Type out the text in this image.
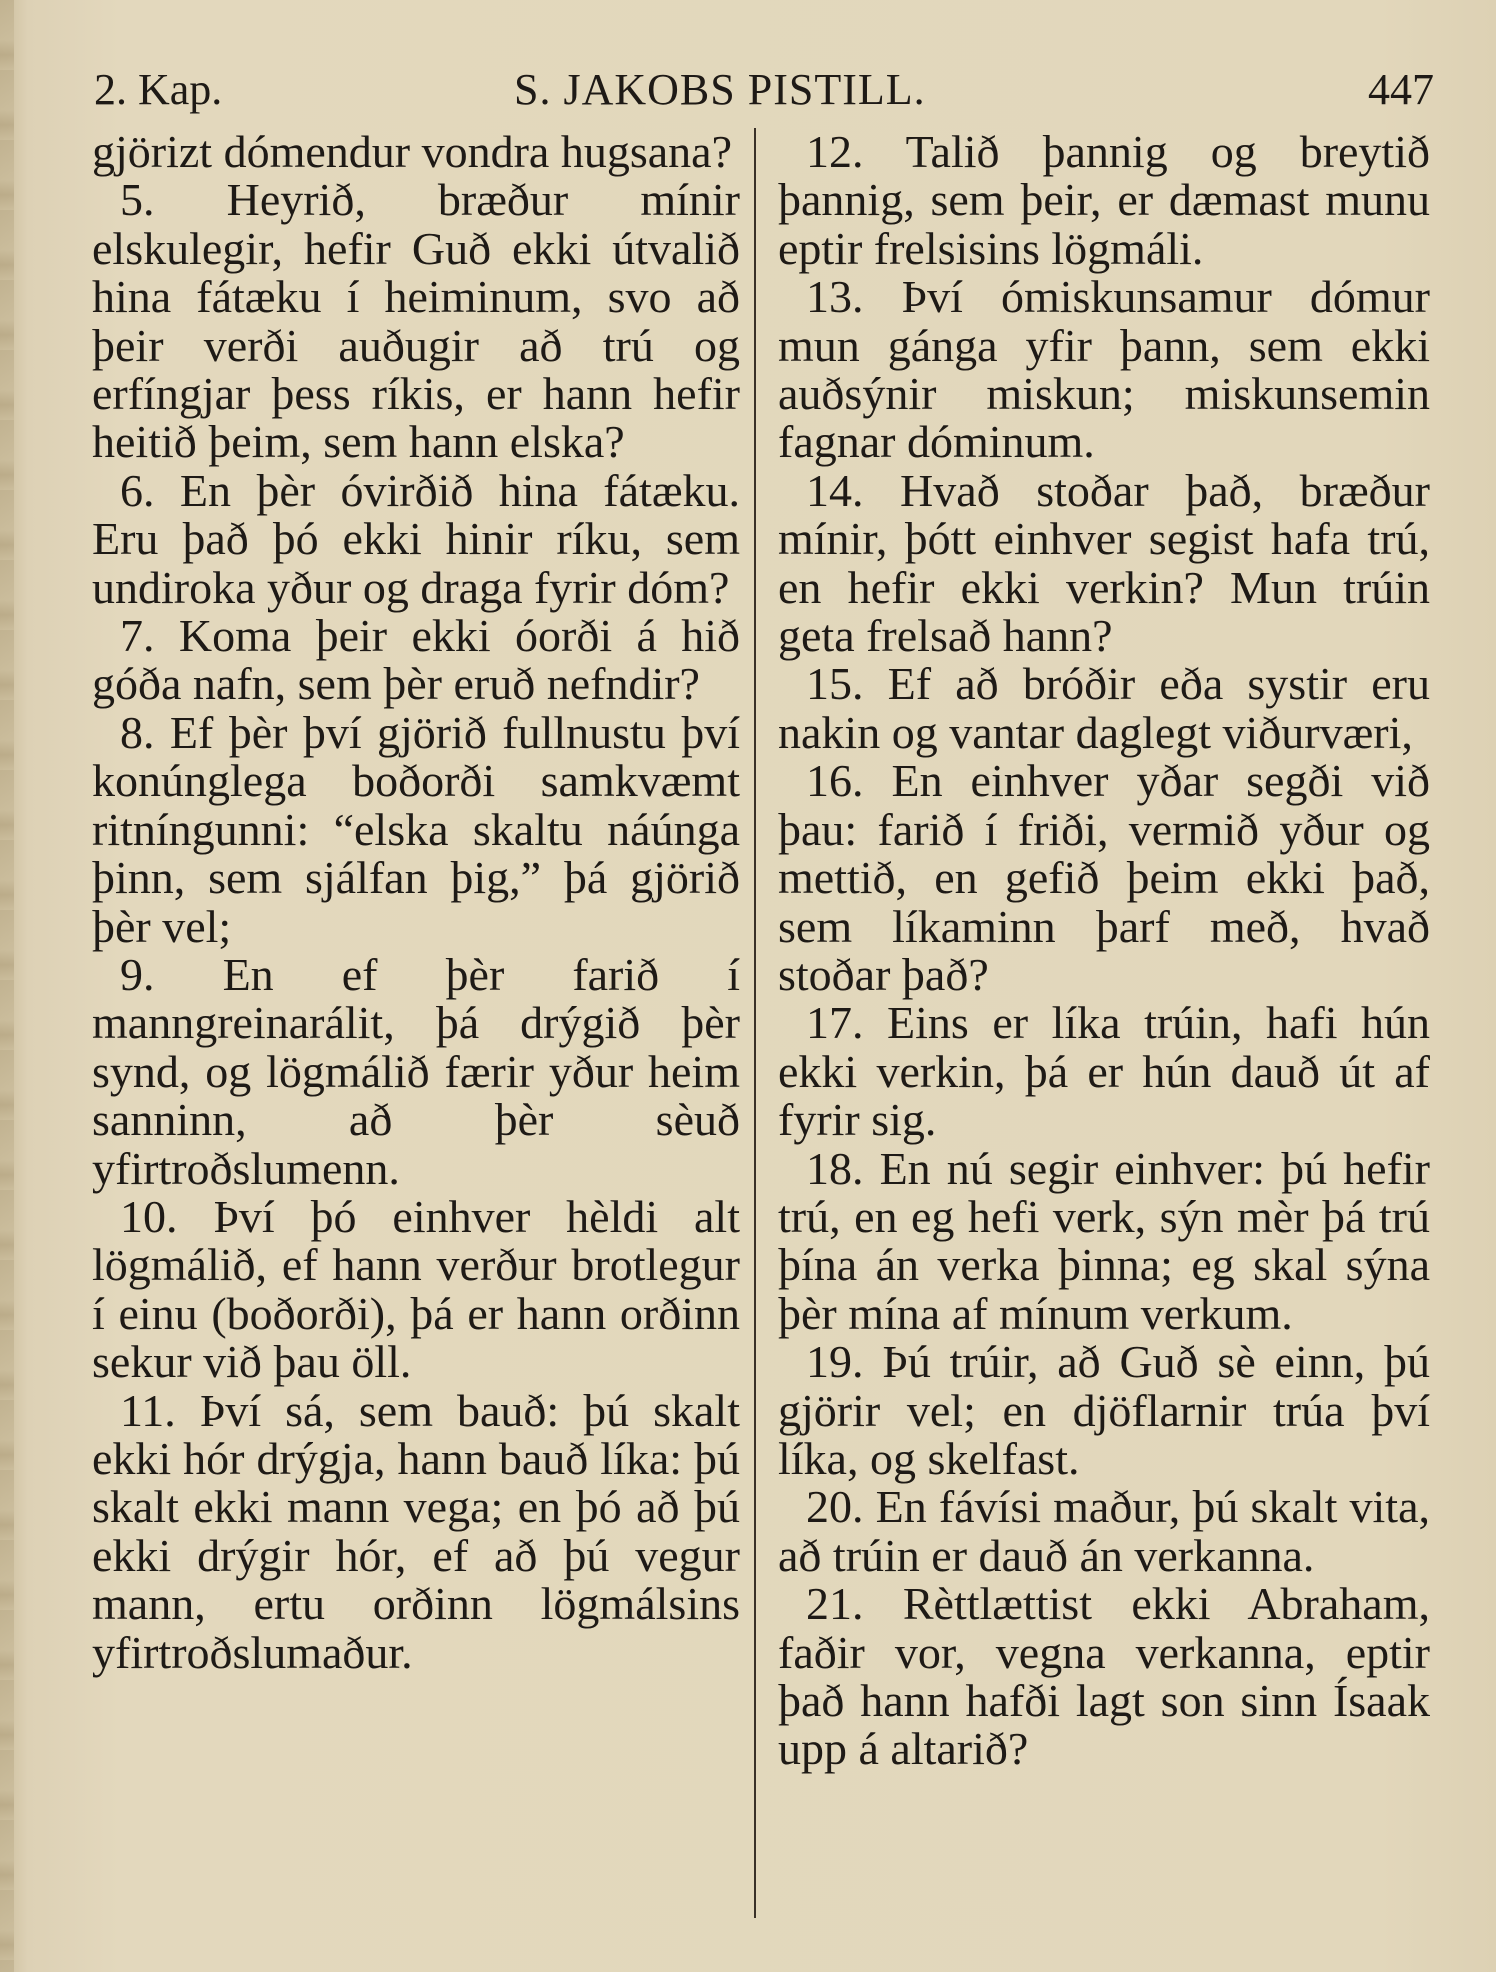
2. Kap.	S. JAKOBS PISTILL.	447

gjörizt dómendur vondra hugsana?

5. Heyrið, bræður mínir elskulegir, hefir Guð ekki útvalið hina fátæku í heiminum, svo að þeir verði auðugir að trú og erfíngjar þess ríkis, er hann hefir heitið þeim, sem hann elska?

6. En þèr óvirðið hina fátæku. Eru það þó ekki hinir ríku, sem undiroka yður og draga fyrir dóm?

7. Koma þeir ekki óorði á hið góða nafn, sem þèr eruð nefndir?

8. Ef þèr því gjörið fullnustu því konúnglega boðorði samkvæmt ritníngunni: “elska skaltu náúnga þinn, sem sjálfan þig,” þá gjörið þèr vel;

9. En ef þèr farið í manngreinarálit, þá drýgið þèr synd, og lögmálið færir yður heim sanninn, að þèr sèuð yfirtroðslumenn.

10. Því þó einhver hèldi alt lögmálið, ef hann verður brotlegur í einu (boðorði), þá er hann orðinn sekur við þau öll.

11. Því sá, sem bauð: þú skalt ekki hór drýgja, hann bauð líka: þú skalt ekki mann vega; en þó að þú ekki drýgir hór, ef að þú vegur mann, ertu orðinn lögmálsins yfirtroðslumaður.

12. Talið þannig og breytið þannig, sem þeir, er dæmast munu eptir frelsisins lögmáli.

13. Því ómiskunsamur dómur mun gánga yfir þann, sem ekki auðsýnir miskun; miskunsemin fagnar dóminum.

14. Hvað stoðar það, bræður mínir, þótt einhver segist hafa trú, en hefir ekki verkin? Mun trúin geta frelsað hann?

15. Ef að bróðir eða systir eru nakin og vantar daglegt viðurværi,

16. En einhver yðar segði við þau: farið í friði, vermið yður og mettið, en gefið þeim ekki það, sem líkaminn þarf með, hvað stoðar það?

17. Eins er líka trúin, hafi hún ekki verkin, þá er hún dauð út af fyrir sig.

18. En nú segir einhver: þú hefir trú, en eg hefi verk, sýn mèr þá trú þína án verka þinna; eg skal sýna þèr mína af mínum verkum.

19. Þú trúir, að Guð sè einn, þú gjörir vel; en djöflarnir trúa því líka, og skelfast.

20. En fávísi maður, þú skalt vita, að trúin er dauð án verkanna.

21. Rèttlættist ekki Abraham, faðir vor, vegna verkanna, eptir það hann hafði lagt son sinn Ísaak upp á altarið?
